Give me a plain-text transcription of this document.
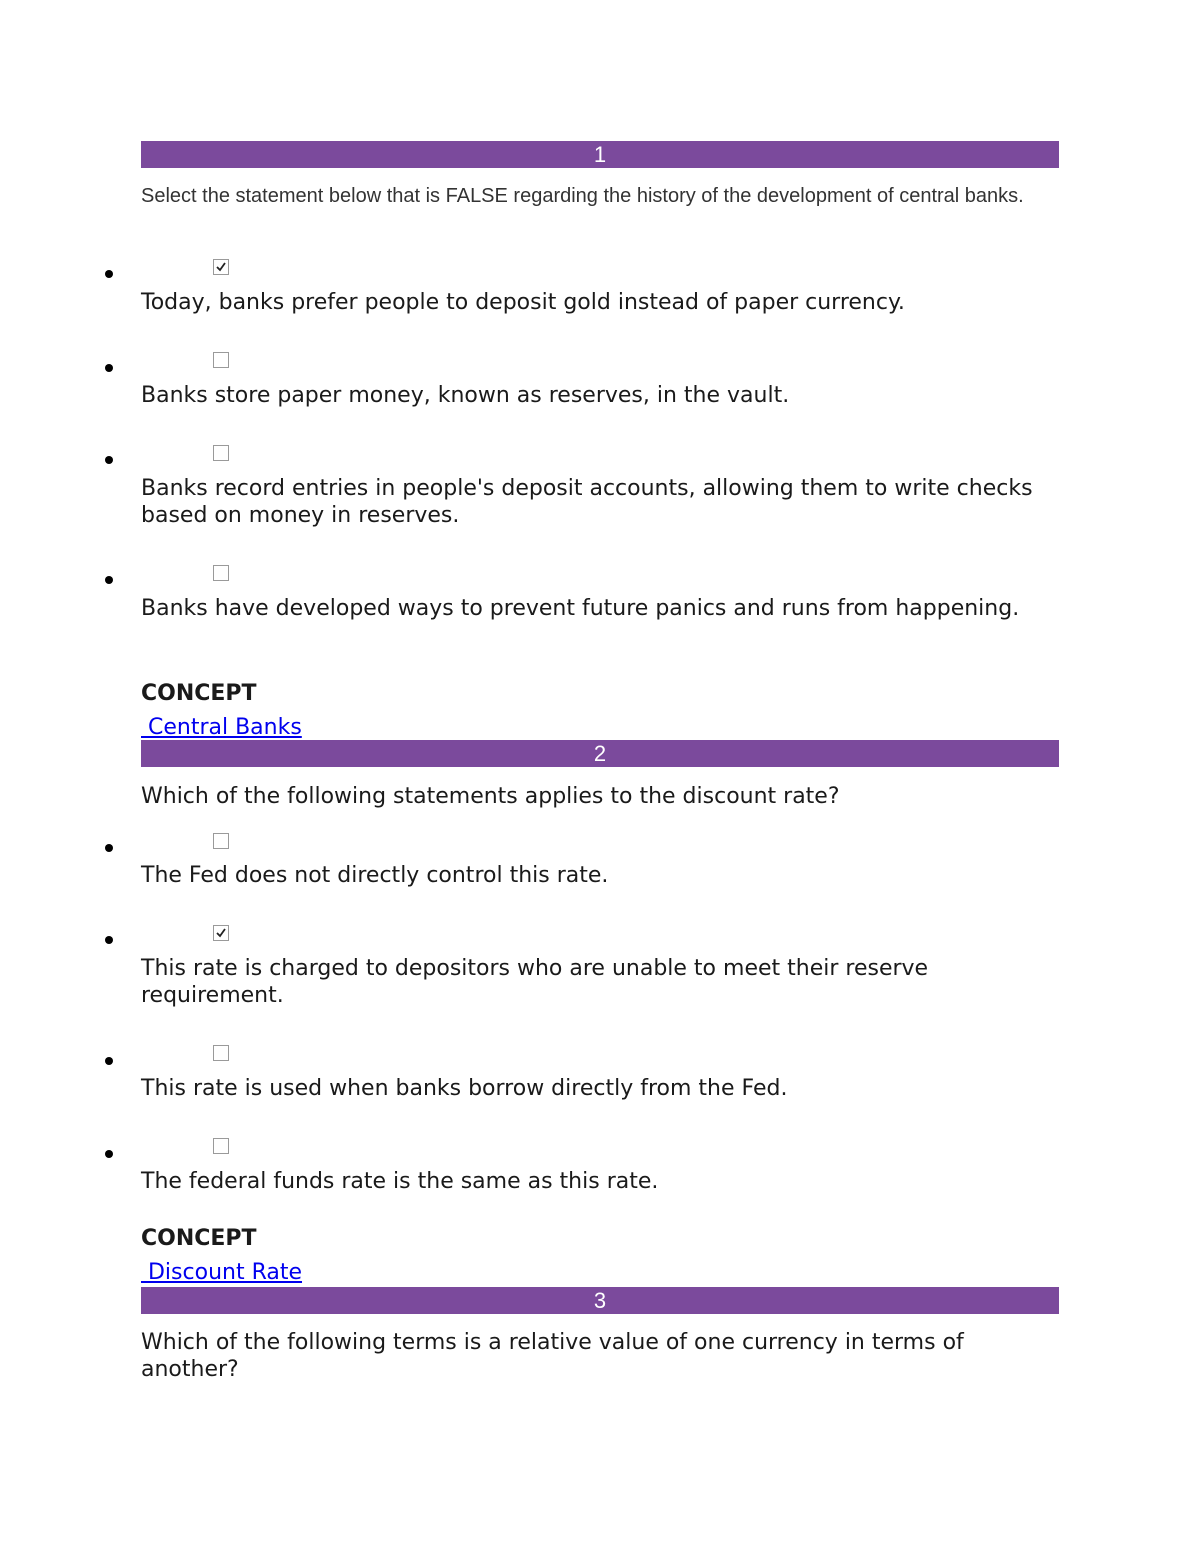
1
Select the statement below that is FALSE regarding the history of the development of central banks.
Today, banks prefer people to deposit gold instead of paper currency.
Banks store paper money, known as reserves, in the vault.
Banks record entries in people's deposit accounts, allowing them to write checks based on money in reserves.
Banks have developed ways to prevent future panics and runs from happening.
CONCEPT
Central Banks
2
Which of the following statements applies to the discount rate?
The Fed does not directly control this rate.
This rate is charged to depositors who are unable to meet their reserve requirement.
This rate is used when banks borrow directly from the Fed.
The federal funds rate is the same as this rate.
CONCEPT
Discount Rate
3
Which of the following terms is a relative value of one currency in terms of another?
